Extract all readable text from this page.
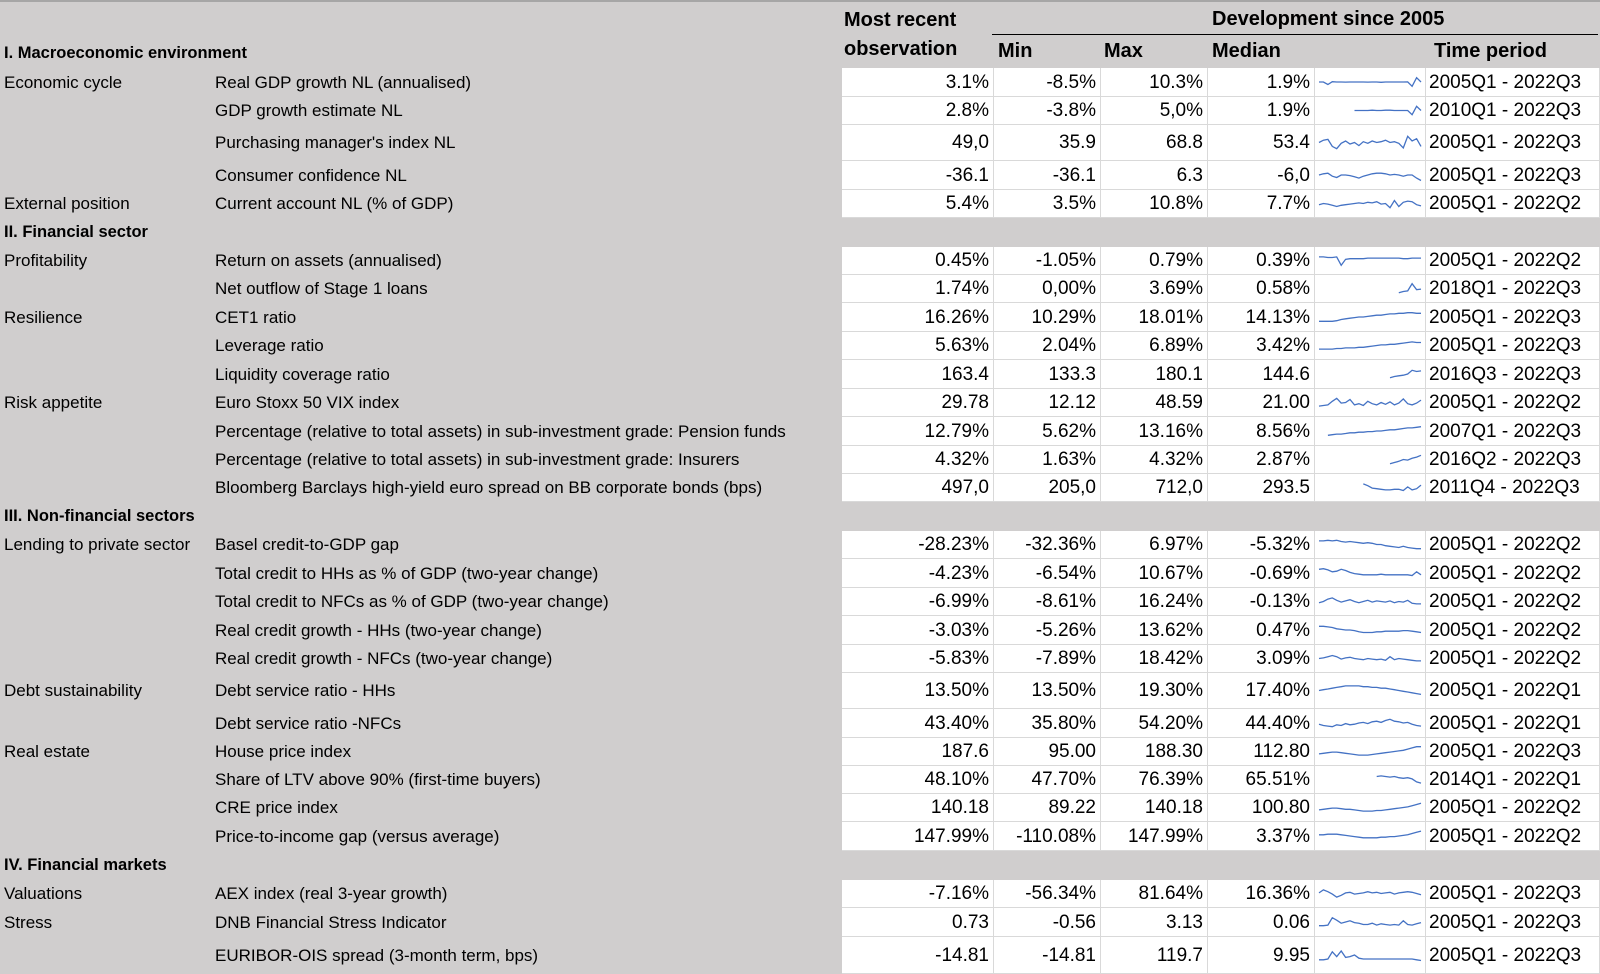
Most recent
observation
Development since 2005
Min	Max	Median	Time period
I. Macroeconomic environment
Economic cycle	Real GDP growth NL (annualised)	3.1%	-8.5%	10.3%	1.9%	2005Q1 - 2022Q3
GDP growth estimate NL	2.8%	-3.8%	5,0%	1.9%	2010Q1 - 2022Q3
Purchasing manager's index NL	49,0	35.9	68.8	53.4	2005Q1 - 2022Q3
Consumer confidence NL	-36.1	-36.1	6.3	-6,0	2005Q1 - 2022Q3
External position	Current account NL (% of GDP)	5.4%	3.5%	10.8%	7.7%	2005Q1 - 2022Q2
II. Financial sector
Profitability	Return on assets (annualised)	0.45%	-1.05%	0.79%	0.39%	2005Q1 - 2022Q2
Net outflow of Stage 1 loans	1.74%	0,00%	3.69%	0.58%	2018Q1 - 2022Q3
Resilience	CET1 ratio	16.26%	10.29%	18.01%	14.13%	2005Q1 - 2022Q3
Leverage ratio	5.63%	2.04%	6.89%	3.42%	2005Q1 - 2022Q3
Liquidity coverage ratio	163.4	133.3	180.1	144.6	2016Q3 - 2022Q3
Risk appetite	Euro Stoxx 50 VIX index	29.78	12.12	48.59	21.00	2005Q1 - 2022Q2
Percentage (relative to total assets) in sub-investment grade: Pension funds	12.79%	5.62%	13.16%	8.56%	2007Q1 - 2022Q3
Percentage (relative to total assets) in sub-investment grade: Insurers	4.32%	1.63%	4.32%	2.87%	2016Q2 - 2022Q3
Bloomberg Barclays high-yield euro spread on BB corporate bonds (bps)	497,0	205,0	712,0	293.5	2011Q4 - 2022Q3
III. Non-financial sectors
Lending to private sector	Basel credit-to-GDP gap	-28.23%	-32.36%	6.97%	-5.32%	2005Q1 - 2022Q2
Total credit to HHs as % of GDP (two-year change)	-4.23%	-6.54%	10.67%	-0.69%	2005Q1 - 2022Q2
Total credit to NFCs as % of GDP (two-year change)	-6.99%	-8.61%	16.24%	-0.13%	2005Q1 - 2022Q2
Real credit growth - HHs (two-year change)	-3.03%	-5.26%	13.62%	0.47%	2005Q1 - 2022Q2
Real credit growth - NFCs (two-year change)	-5.83%	-7.89%	18.42%	3.09%	2005Q1 - 2022Q2
Debt sustainability	Debt service ratio - HHs	13.50%	13.50%	19.30%	17.40%	2005Q1 - 2022Q1
Debt service ratio -NFCs	43.40%	35.80%	54.20%	44.40%	2005Q1 - 2022Q1
Real estate	House price index	187.6	95.00	188.30	112.80	2005Q1 - 2022Q3
Share of LTV above 90% (first-time buyers)	48.10%	47.70%	76.39%	65.51%	2014Q1 - 2022Q1
CRE price index	140.18	89.22	140.18	100.80	2005Q1 - 2022Q2
Price-to-income gap (versus average)	147.99%	-110.08%	147.99%	3.37%	2005Q1 - 2022Q2
IV. Financial markets
Valuations	AEX index (real 3-year growth)	-7.16%	-56.34%	81.64%	16.36%	2005Q1 - 2022Q3
Stress	DNB Financial Stress Indicator	0.73	-0.56	3.13	0.06	2005Q1 - 2022Q3
EURIBOR-OIS spread (3-month term, bps)	-14.81	-14.81	119.7	9.95	2005Q1 - 2022Q3
